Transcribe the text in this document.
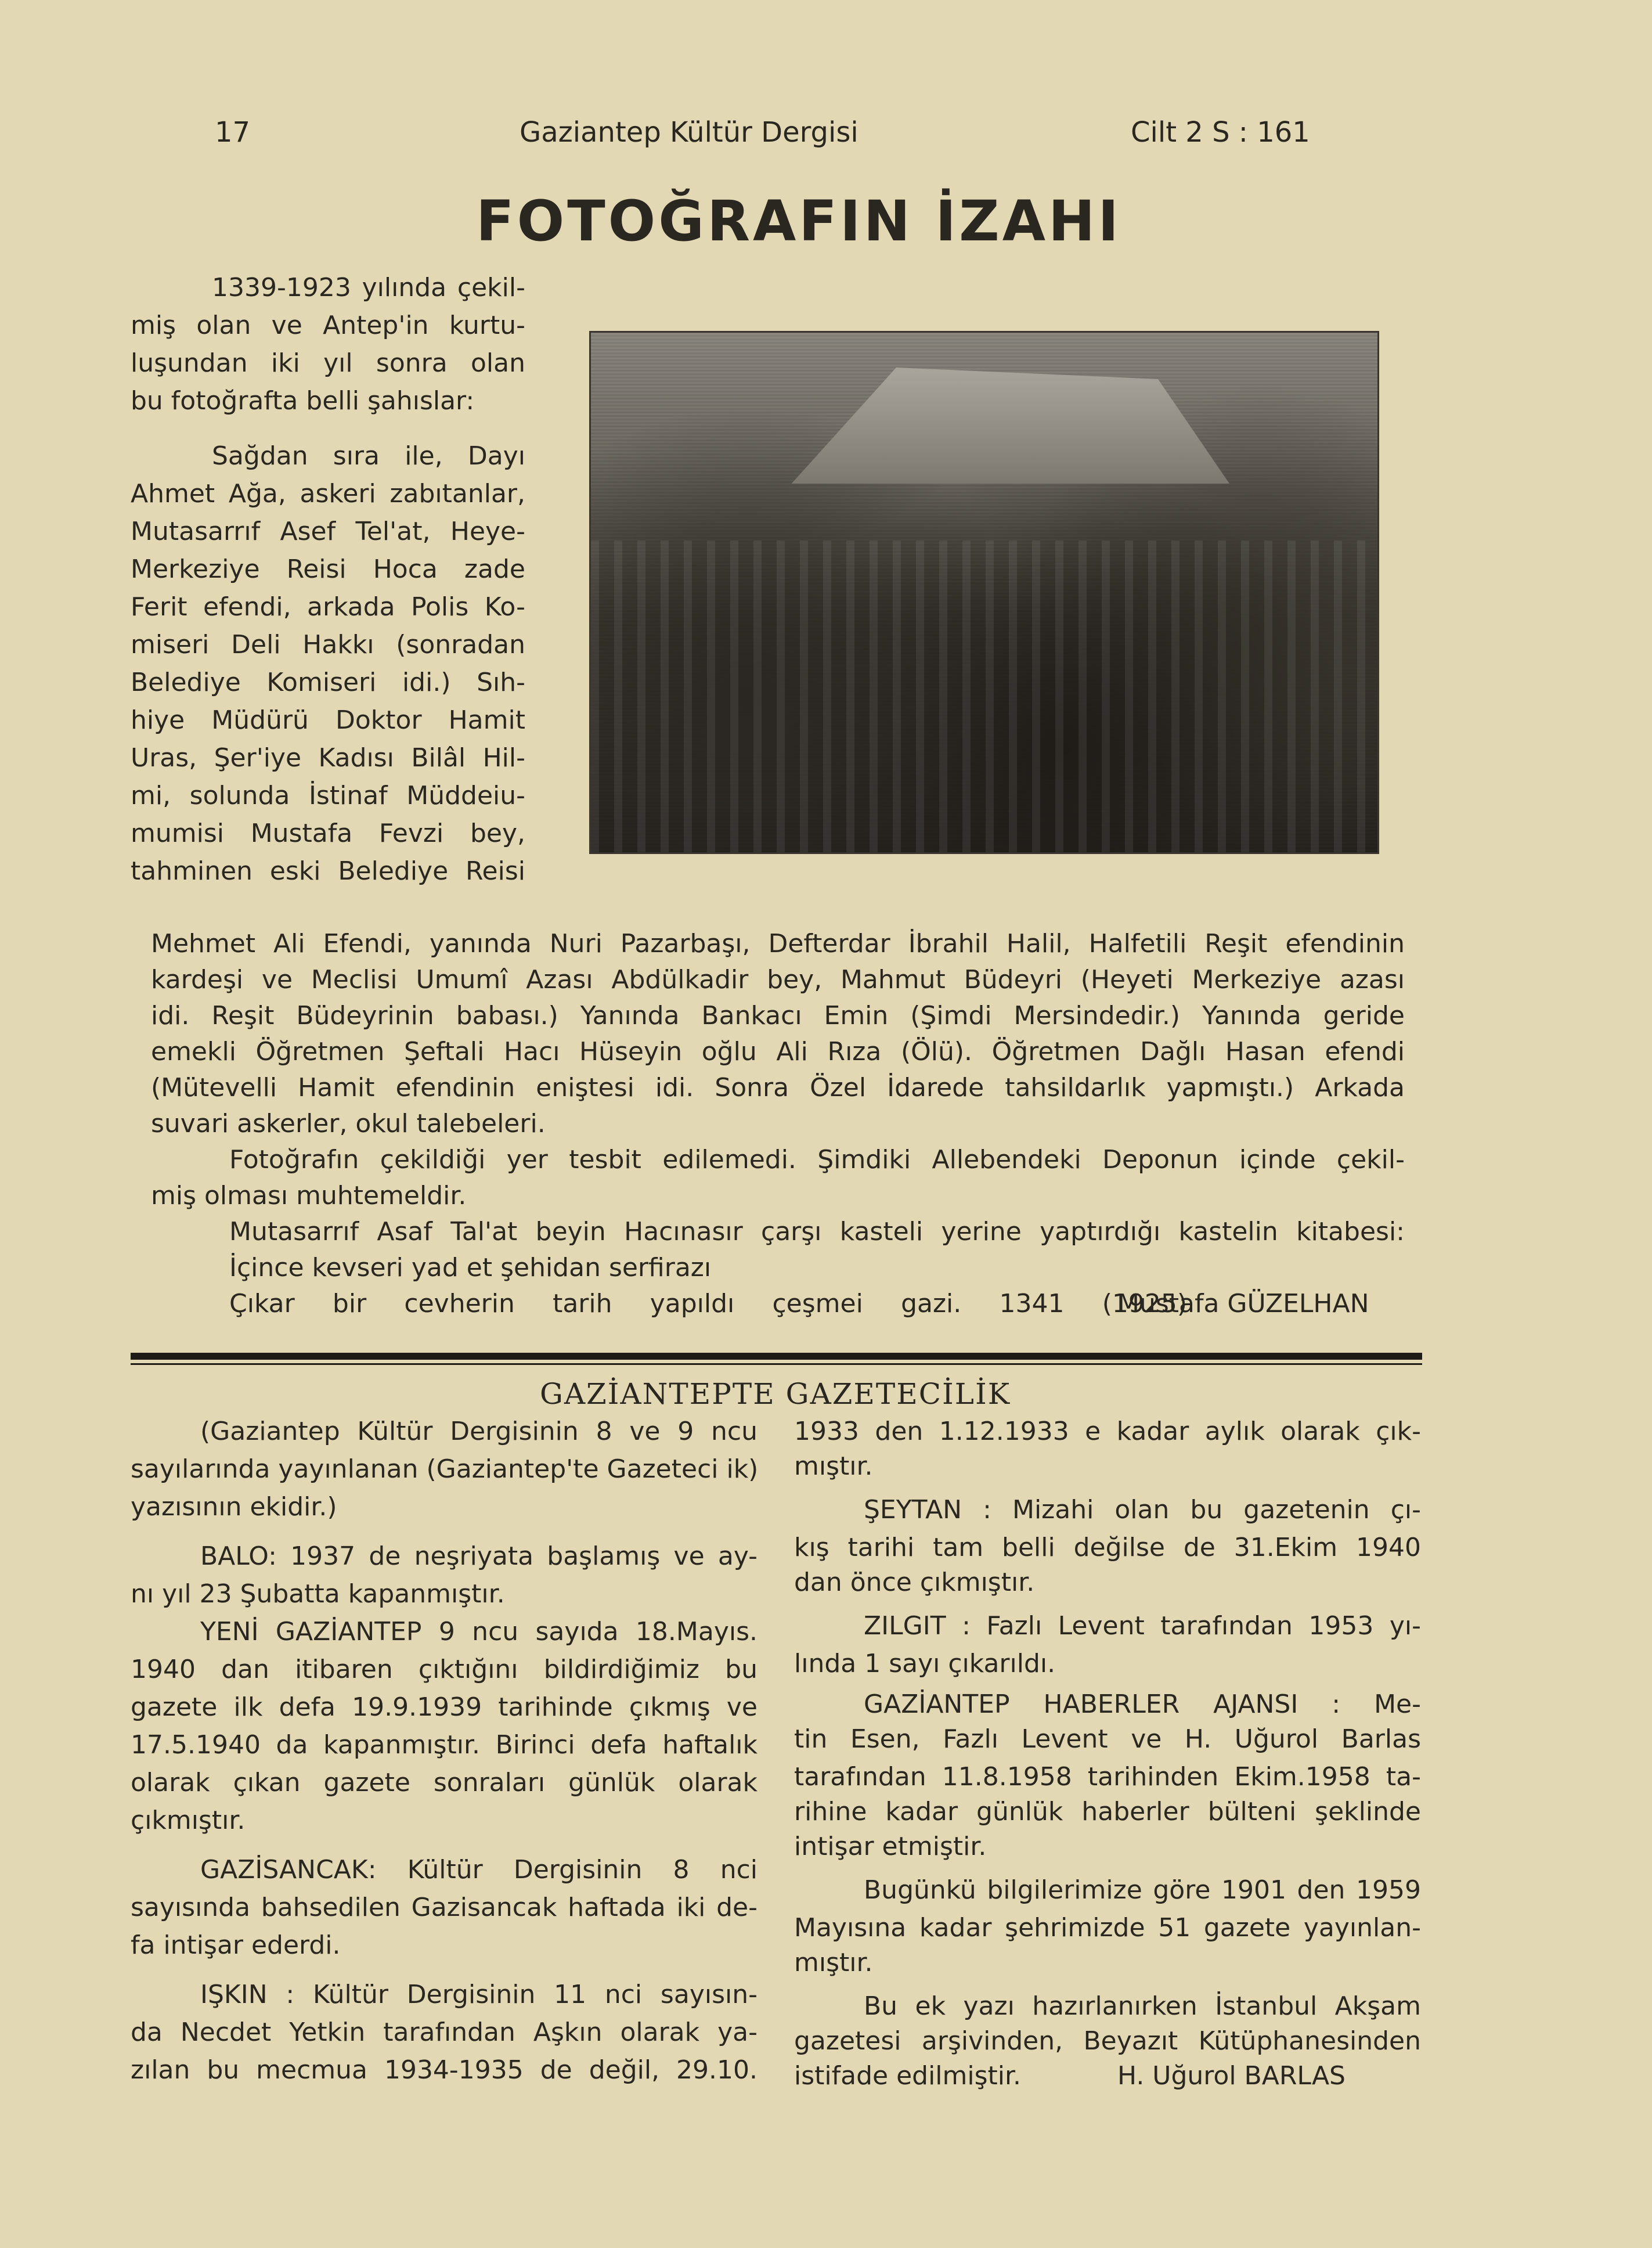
17	Gaziantep Kültür Dergisi	Cilt 2 S : 161
FOTOĞRAFIN İZAHI
1339-1923 yılında çekil-
miş olan ve Antep'in kurtu-
luşundan iki yıl sonra olan
bu fotoğrafta belli şahıslar:
Sağdan sıra ile, Dayı
Ahmet Ağa, askeri zabıtanlar,
Mutasarrıf Asef Tel'at, Heye-
Merkeziye Reisi Hoca zade
Ferit efendi, arkada Polis Ko-
miseri Deli Hakkı (sonradan
Belediye Komiseri idi.) Sıh-
hiye Müdürü Doktor Hamit
Uras, Şer'iye Kadısı Bilâl Hil-
mi, solunda İstinaf Müddeiu-
mumisi Mustafa Fevzi bey,
tahminen eski Belediye Reisi
Mehmet Ali Efendi, yanında Nuri Pazarbaşı, Defterdar İbrahil Halil, Halfetili Reşit efendinin
kardeşi ve Meclisi Umumî Azası Abdülkadir bey, Mahmut Büdeyri (Heyeti Merkeziye azası
idi. Reşit Büdeyrinin babası.) Yanında Bankacı Emin (Şimdi Mersindedir.) Yanında geride
emekli Öğretmen Şeftali Hacı Hüseyin oğlu Ali Rıza (Ölü). Öğretmen Dağlı Hasan efendi
(Mütevelli Hamit efendinin eniştesi idi. Sonra Özel İdarede tahsildarlık yapmıştı.) Arkada
suvari askerler, okul talebeleri.
Fotoğrafın çekildiği yer tesbit edilemedi. Şimdiki Allebendeki Deponun içinde çekil-
miş olması muhtemeldir.
Mutasarrıf Asaf Tal'at beyin Hacınasır çarşı kasteli yerine yaptırdığı kastelin kitabesi:
İçince kevseri yad et şehidan serfirazı
Çıkar bir cevherin tarih yapıldı çeşmei gazi. 1341 (1925)
Mustafa GÜZELHAN
GAZİANTEPTE GAZETECİLİK
(Gaziantep Kültür Dergisinin 8 ve 9 ncu
sayılarında yayınlanan (Gaziantep'te Gazeteci ik)
yazısının ekidir.)
BALO: 1937 de neşriyata başlamış ve ay-
nı yıl 23 Şubatta kapanmıştır.
YENİ GAZİANTEP 9 ncu sayıda 18.Mayıs.
1940 dan itibaren çıktığını bildirdiğimiz bu
gazete ilk defa 19.9.1939 tarihinde çıkmış ve
17.5.1940 da kapanmıştır. Birinci defa haftalık
olarak çıkan gazete sonraları günlük olarak
çıkmıştır.
GAZİSANCAK: Kültür Dergisinin 8 nci
sayısında bahsedilen Gazisancak haftada iki de-
fa intişar ederdi.
IŞKIN : Kültür Dergisinin 11 nci sayısın-
da Necdet Yetkin tarafından Aşkın olarak ya-
zılan bu mecmua 1934-1935 de değil, 29.10.
1933 den 1.12.1933 e kadar aylık olarak çık-
mıştır.
ŞEYTAN : Mizahi olan bu gazetenin çı-
kış tarihi tam belli değilse de 31.Ekim 1940
dan önce çıkmıştır.
ZILGIT : Fazlı Levent tarafından 1953 yı-
lında 1 sayı çıkarıldı.
GAZİANTEP HABERLER AJANSI : Me-
tin Esen, Fazlı Levent ve H. Uğurol Barlas
tarafından 11.8.1958 tarihinden Ekim.1958 ta-
rihine kadar günlük haberler bülteni şeklinde
intişar etmiştir.
Bugünkü bilgilerimize göre 1901 den 1959
Mayısına kadar şehrimizde 51 gazete yayınlan-
mıştır.
Bu ek yazı hazırlanırken İstanbul Akşam
gazetesi arşivinden, Beyazıt Kütüphanesinden
istifade edilmiştir.	H. Uğurol BARLAS
